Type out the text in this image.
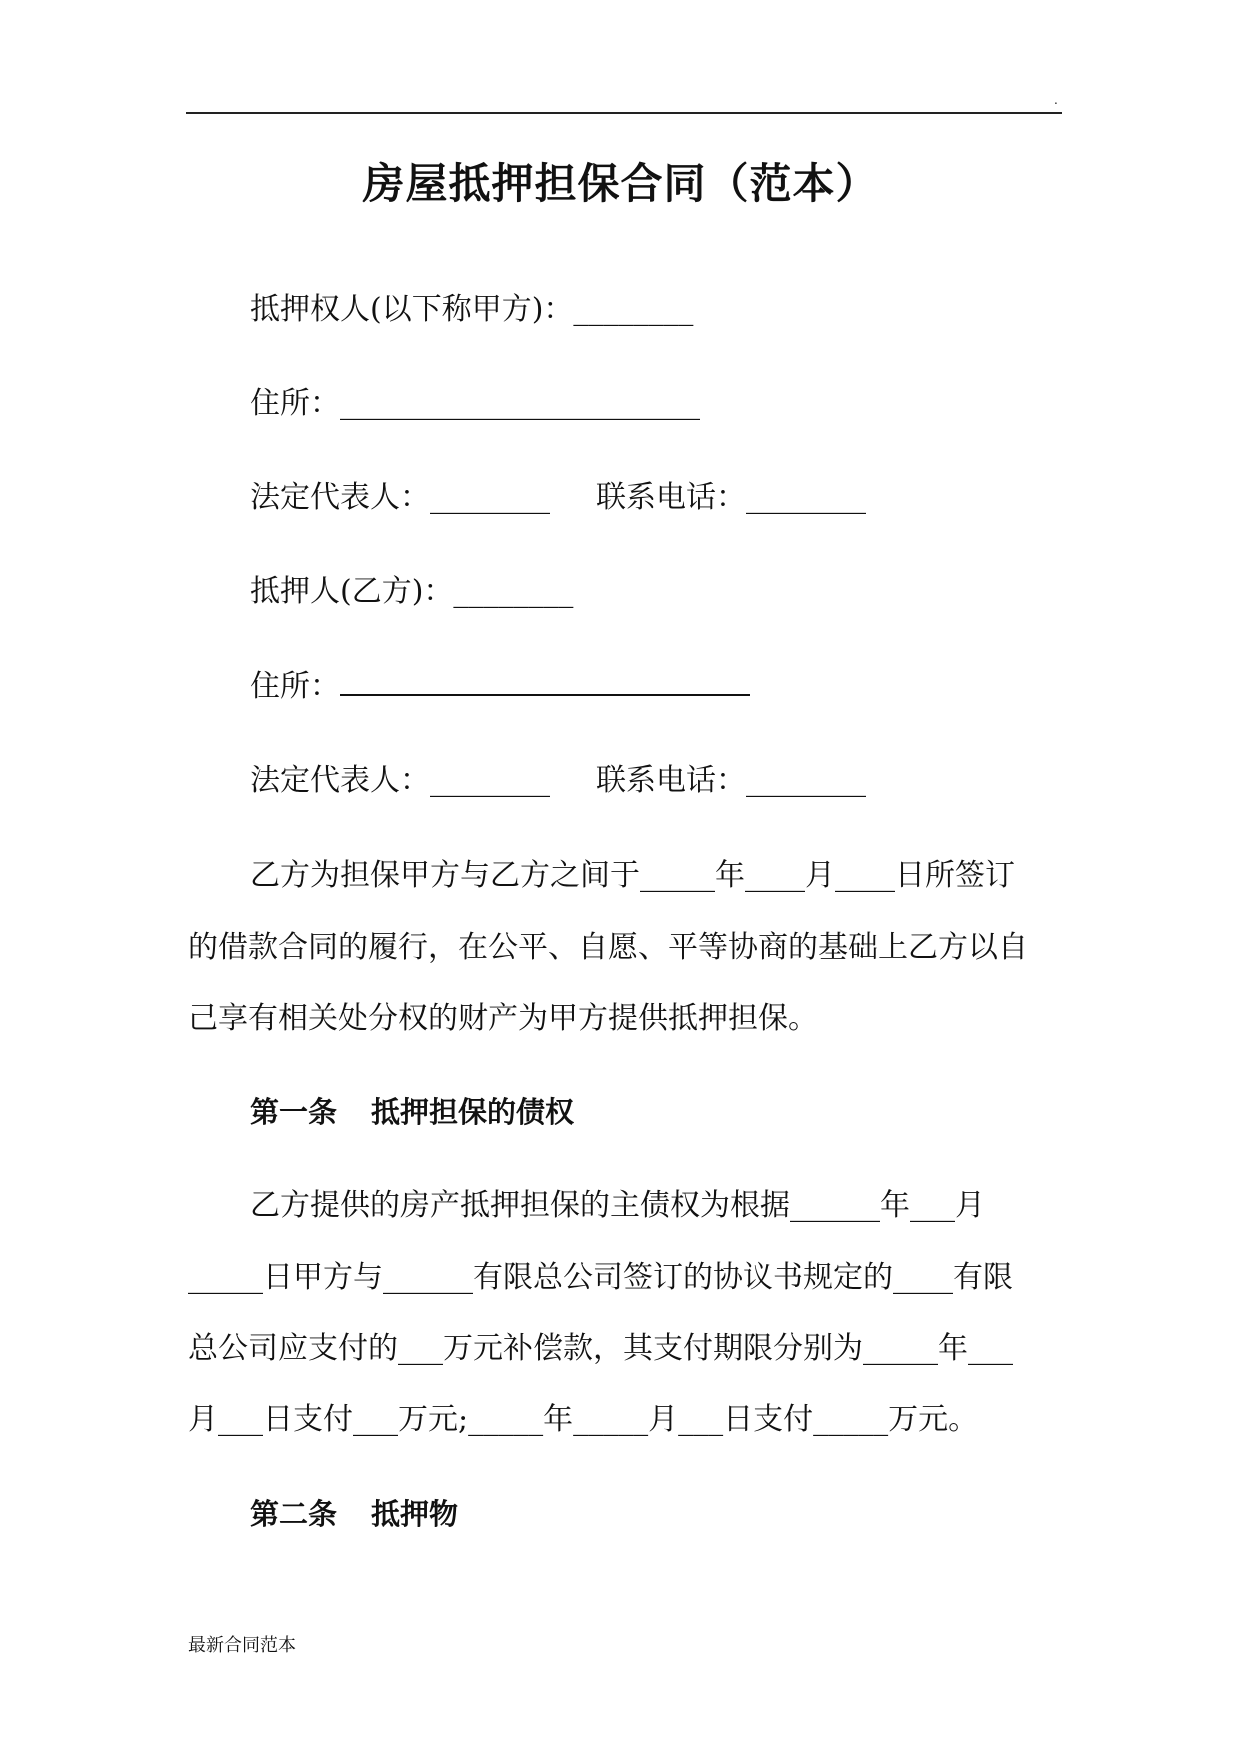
.
房屋抵押担保合同（范本）
抵押权人(以下称甲方)：________
住所：________________________
法定代表人：________ 联系电话：________
抵押人(乙方)：________
住所：
法定代表人：________ 联系电话：________
乙方为担保甲方与乙方之间于_____年____月____日所签订
的借款合同的履行，在公平、自愿、平等协商的基础上乙方以自
己享有相关处分权的财产为甲方提供抵押担保。
第一条 抵押担保的债权
乙方提供的房产抵押担保的主债权为根据______年___月
_____日甲方与______有限总公司签订的协议书规定的____有限
总公司应支付的___万元补偿款，其支付期限分别为_____年___
月___日支付___万元;_____年_____月___日支付_____万元。
第二条 抵押物
最新合同范本
